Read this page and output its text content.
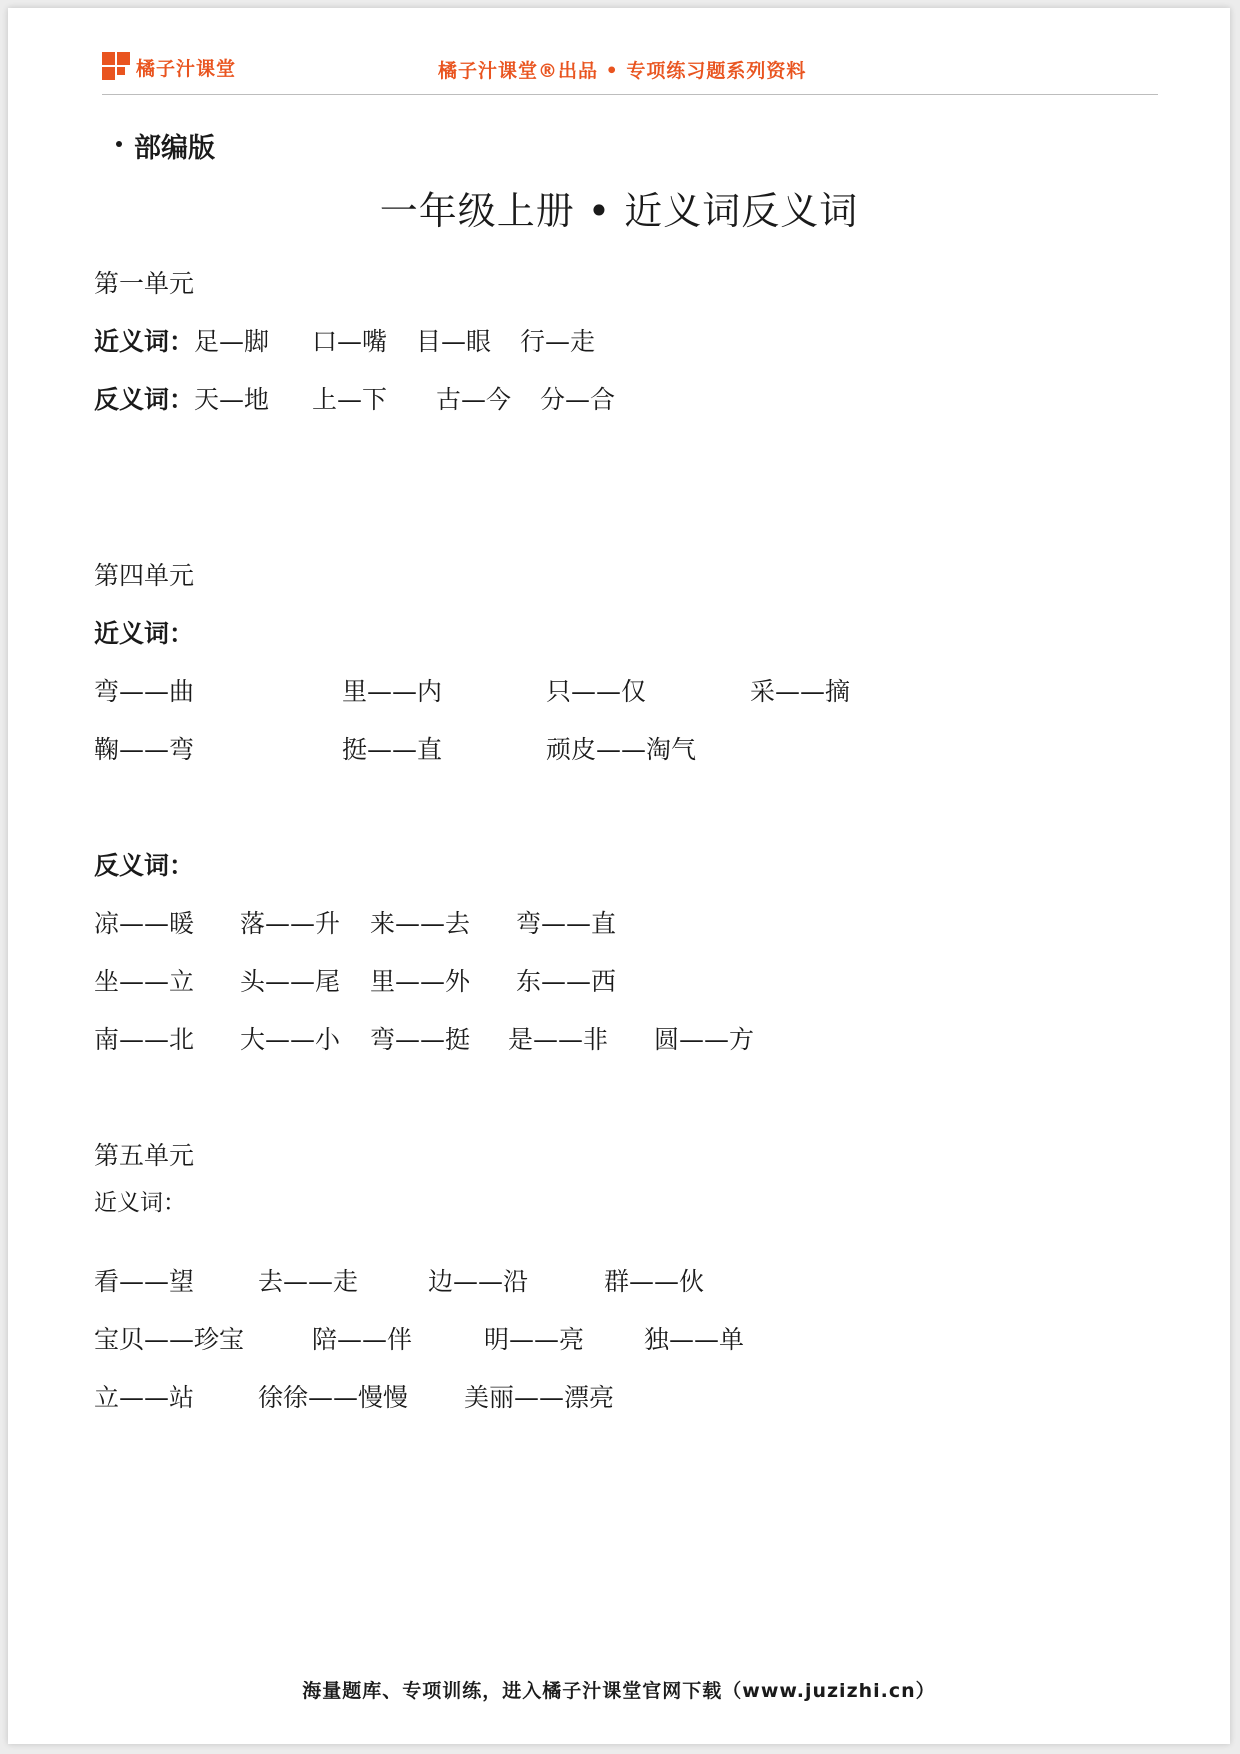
橘子汁课堂	橘子汁课堂®出品 • 专项练习题系列资料
部编版
一年级上册 • 近义词反义词
第一单元
近义词： 足—脚 口—嘴 目—眼 行—走
反义词： 天—地 上—下 古—今 分—合
第四单元
近义词：
弯——曲	里——内	只——仅	采——摘
鞠——弯	挺——直	顽皮——淘气
反义词：
凉——暖 落——升 来——去 弯——直
坐——立 头——尾 里——外 东——西
南——北 大——小 弯——挺 是——非 圆——方
第五单元
近义词：
看——望	去——走	边——沿	群——伙
宝贝——珍宝	陪——伴	明——亮 独——单
立——站	徐徐——慢慢 美丽——漂亮
海量题库、专项训练，进入橘子汁课堂官网下载（www.juzizhi.cn）
